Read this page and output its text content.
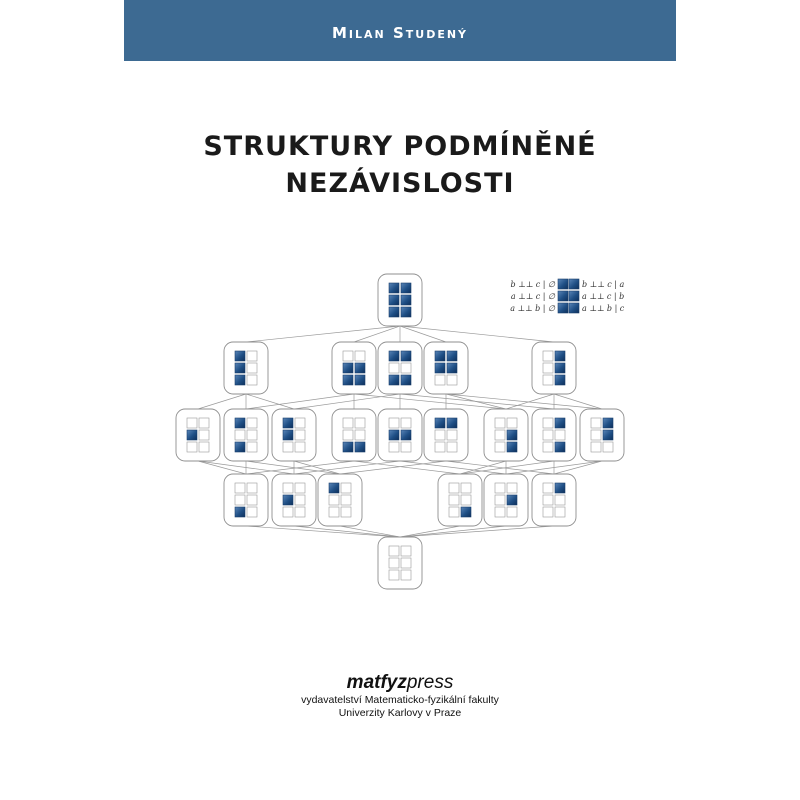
Milan Studený
STRUKTURY PODMÍNĚNÉ
NEZÁVISLOSTI
b ⊥⊥ c | ∅	b ⊥⊥ c | a
a ⊥⊥ c | ∅	a ⊥⊥ c | b
a ⊥⊥ b | ∅	a ⊥⊥ b | c
matfyzpress
vydavatelství Matematicko-fyzikální fakulty
Univerzity Karlovy v Praze
